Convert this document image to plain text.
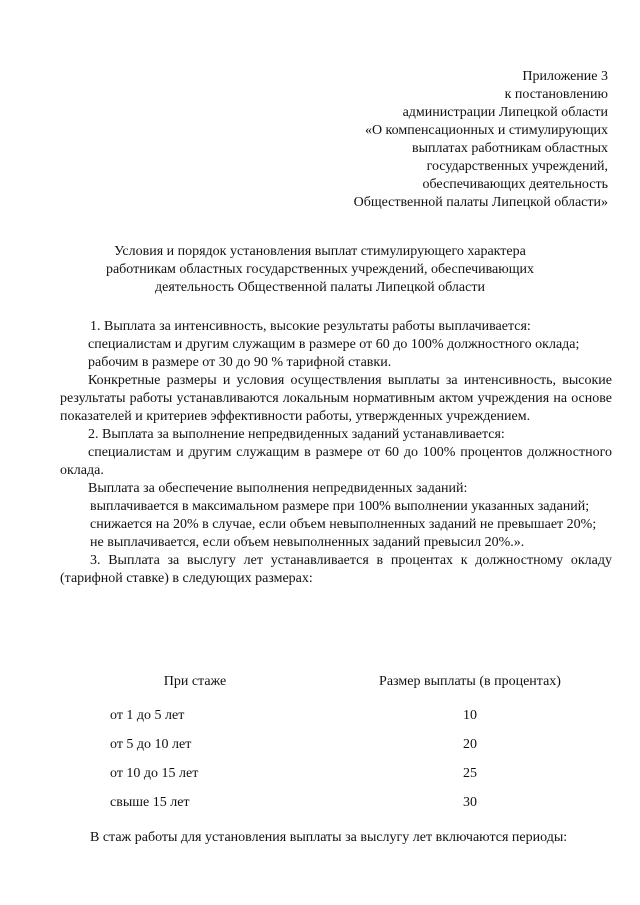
Приложение 3
к постановлению
администрации Липецкой области
«О компенсационных и стимулирующих
выплатах работникам областных
государственных учреждений,
обеспечивающих деятельность
Общественной палаты Липецкой области»
Условия и порядок установления выплат стимулирующего характера
работникам областных государственных учреждений, обеспечивающих
деятельность Общественной палаты Липецкой области

1. Выплата за интенсивность, высокие результаты работы выплачивается:

специалистам и другим служащим в размере от 60 до 100% должностного оклада;

рабочим в размере от 30 до 90 % тарифной ставки.

Конкретные размеры и условия осуществления выплаты за интенсивность, высокие результаты работы устанавливаются локальным нормативным актом учреждения на основе показателей и критериев эффективности работы, утвержденных учреждением.

2. Выплата за выполнение непредвиденных заданий устанавливается:

специалистам и другим служащим в размере от 60 до 100% процентов должностного оклада.

Выплата за обеспечение выполнения непредвиденных заданий:

выплачивается в максимальном размере при 100% выполнении указанных заданий;

снижается на 20% в случае, если объем невыполненных заданий не превышает 20%;

не выплачивается, если объем невыполненных заданий превысил 20%.».

3. Выплата за выслугу лет устанавливается в процентах к должностному окладу (тарифной ставке) в следующих размерах:

При стаже	Размер выплаты (в процентах)
от 1 до 5 лет	10
от 5 до 10 лет	20
от 10 до 15 лет	25
свыше 15 лет	30
В стаж работы для установления выплаты за выслугу лет включаются периоды:
